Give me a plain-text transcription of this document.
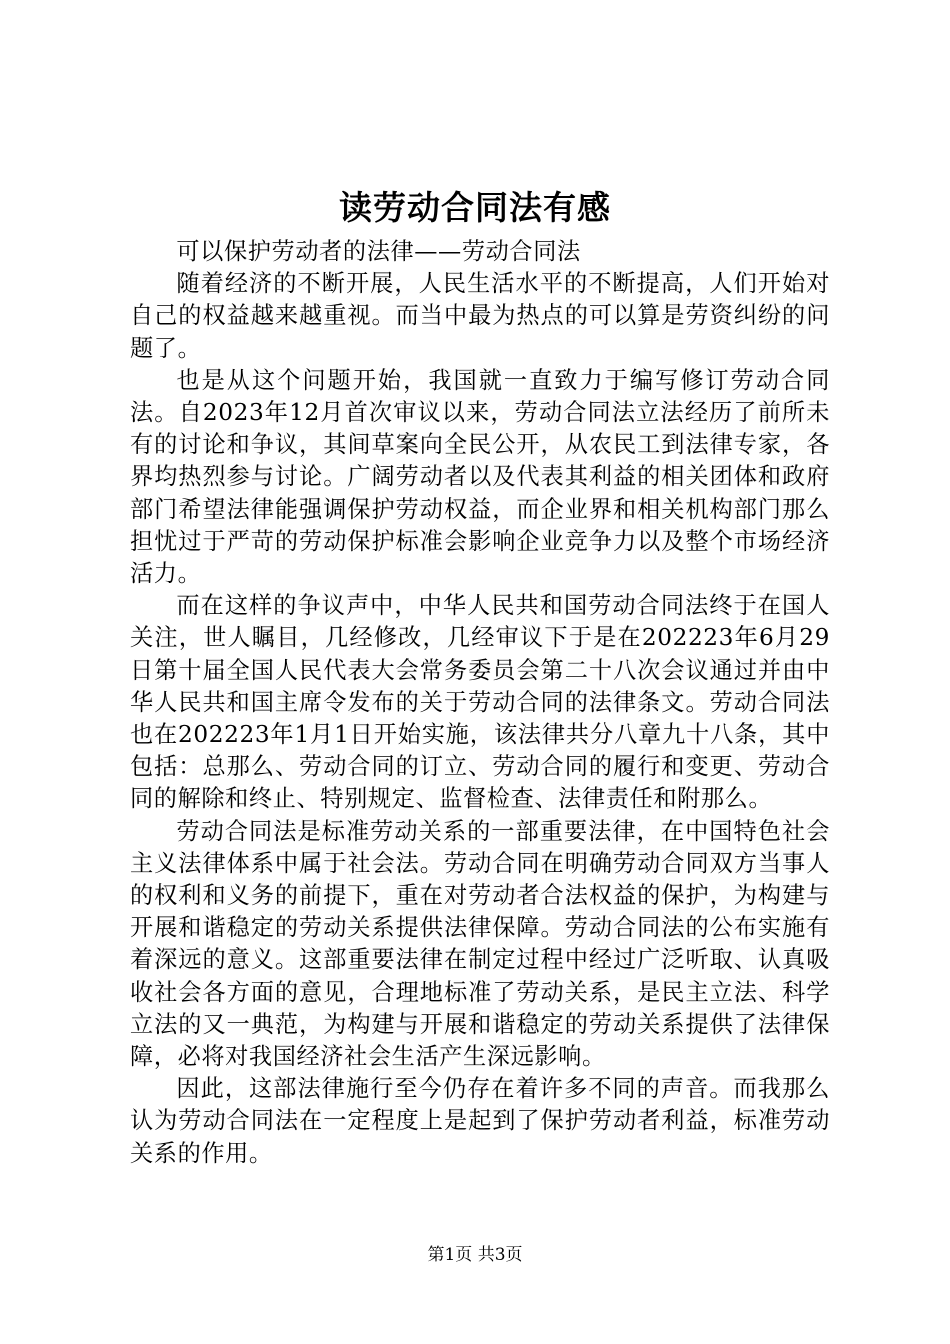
读劳动合同法有感

可以保护劳动者的法律——劳动合同法

随着经济的不断开展，人民生活水平的不断提高，人们开始对自己的权益越来越重视。而当中最为热点的可以算是劳资纠纷的问题了。

也是从这个问题开始，我国就一直致力于编写修订劳动合同法。自2023年12月首次审议以来，劳动合同法立法经历了前所未有的讨论和争议，其间草案向全民公开，从农民工到法律专家，各界均热烈参与讨论。广阔劳动者以及代表其利益的相关团体和政府部门希望法律能强调保护劳动权益，而企业界和相关机构部门那么担忧过于严苛的劳动保护标准会影响企业竞争力以及整个市场经济活力。

而在这样的争议声中，中华人民共和国劳动合同法终于在国人关注，世人瞩目，几经修改，几经审议下于是在202223年6月29日第十届全国人民代表大会常务委员会第二十八次会议通过并由中华人民共和国主席令发布的关于劳动合同的法律条文。劳动合同法也在202223年1月1日开始实施，该法律共分八章九十八条，其中包括：总那么、劳动合同的订立、劳动合同的履行和变更、劳动合同的解除和终止、特别规定、监督检查、法律责任和附那么。

劳动合同法是标准劳动关系的一部重要法律，在中国特色社会主义法律体系中属于社会法。劳动合同在明确劳动合同双方当事人的权利和义务的前提下，重在对劳动者合法权益的保护，为构建与开展和谐稳定的劳动关系提供法律保障。劳动合同法的公布实施有着深远的意义。这部重要法律在制定过程中经过广泛听取、认真吸收社会各方面的意见，合理地标准了劳动关系，是民主立法、科学立法的又一典范，为构建与开展和谐稳定的劳动关系提供了法律保障，必将对我国经济社会生活产生深远影响。

因此，这部法律施行至今仍存在着许多不同的声音。而我那么认为劳动合同法在一定程度上是起到了保护劳动者利益，标准劳动关系的作用。

第1页 共3页
